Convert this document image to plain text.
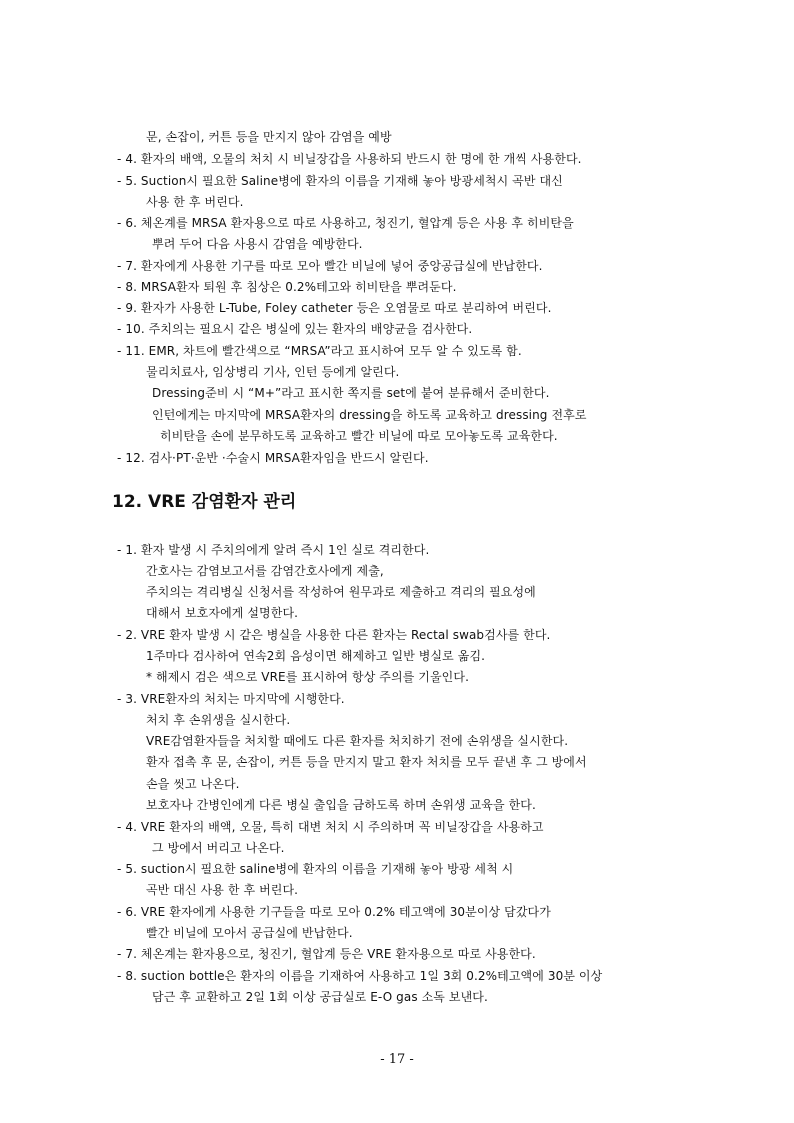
문, 손잡이, 커튼 등을 만지지 않아 감염을 예방
- 4. 환자의 배액, 오물의 처치 시 비닐장갑을 사용하되 반드시 한 명에 한 개씩 사용한다.
- 5. Suction시 필요한 Saline병에 환자의 이름을 기재해 놓아 방광세척시 곡반 대신
사용 한 후 버린다.
- 6. 체온계를 MRSA 환자용으로 따로 사용하고, 청진기, 혈압계 등은 사용 후 히비탄을
뿌려 두어 다음 사용시 감염을 예방한다.
- 7. 환자에게 사용한 기구를 따로 모아 빨간 비닐에 넣어 중앙공급실에 반납한다.
- 8. MRSA환자 퇴원 후 침상은 0.2%테고와 히비탄을 뿌려둔다.
- 9. 환자가 사용한 L-Tube, Foley catheter 등은 오염물로 따로 분리하여 버린다.
- 10. 주치의는 필요시 같은 병실에 있는 환자의 배양균을 검사한다.
- 11. EMR, 차트에 빨간색으로 “MRSA”라고 표시하여 모두 알 수 있도록 함.
물리치료사, 임상병리 기사, 인턴 등에게 알린다.
Dressing준비 시 “M+”라고 표시한 쪽지를 set에 붙여 분류해서 준비한다.
인턴에게는 마지막에 MRSA환자의 dressing을 하도록 교육하고 dressing 전후로
히비탄을 손에 분무하도록 교육하고 빨간 비닐에 따로 모아놓도록 교육한다.
- 12. 검사·PT·운반 ·수술시 MRSA환자임을 반드시 알린다.
12. VRE 감염환자 관리
- 1. 환자 발생 시 주치의에게 알려 즉시 1인 실로 격리한다.
간호사는 감염보고서를 감염간호사에게 제출,
주치의는 격리병실 신청서를 작성하여 원무과로 제출하고 격리의 필요성에
대해서 보호자에게 설명한다.
- 2. VRE 환자 발생 시 같은 병실을 사용한 다른 환자는 Rectal swab검사를 한다.
1주마다 검사하여 연속2회 음성이면 해제하고 일반 병실로 옮김.
* 해제시 검은 색으로 VRE를 표시하여 항상 주의를 기울인다.
- 3. VRE환자의 처치는 마지막에 시행한다.
처치 후 손위생을 실시한다.
VRE감염환자들을 처치할 때에도 다른 환자를 처치하기 전에 손위생을 실시한다.
환자 접촉 후 문, 손잡이, 커튼 등을 만지지 말고 환자 처치를 모두 끝낸 후 그 방에서
손을 씻고 나온다.
보호자나 간병인에게 다른 병실 출입을 금하도록 하며 손위생 교육을 한다.
- 4. VRE 환자의 배액, 오물, 특히 대변 처치 시 주의하며 꼭 비닐장갑을 사용하고
그 방에서 버리고 나온다.
- 5. suction시 필요한 saline병에 환자의 이름을 기재해 놓아 방광 세척 시
곡반 대신 사용 한 후 버린다.
- 6. VRE 환자에게 사용한 기구들을 따로 모아 0.2% 테고액에 30분이상 담갔다가
빨간 비닐에 모아서 공급실에 반납한다.
- 7. 체온계는 환자용으로, 청진기, 혈압계 등은 VRE 환자용으로 따로 사용한다.
- 8. suction bottle은 환자의 이름을 기재하여 사용하고 1일 3회 0.2%테고액에 30분 이상
담근 후 교환하고 2일 1회 이상 공급실로 E-O gas 소독 보낸다.
- 17 -
